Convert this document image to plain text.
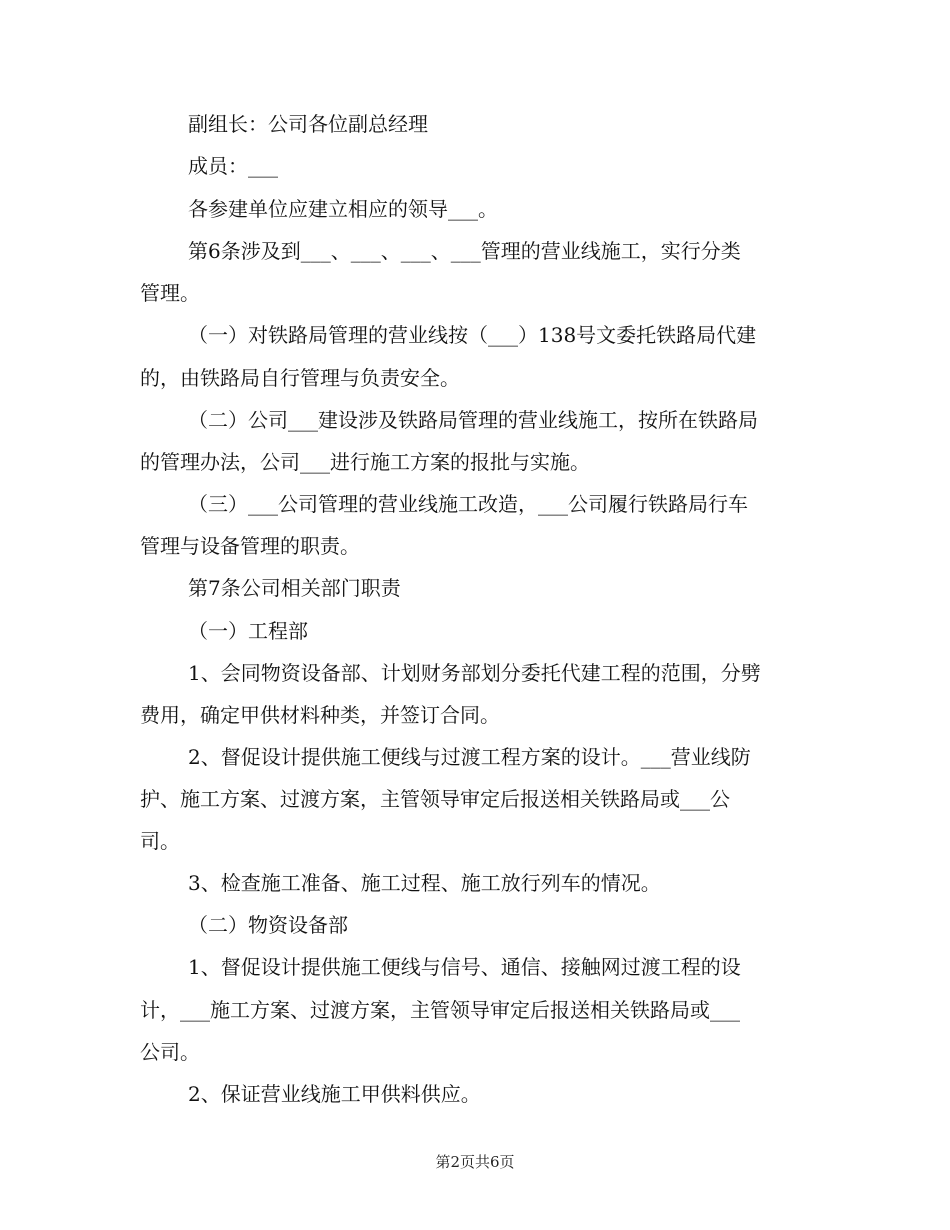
副组长：公司各位副总经理
成员：___
各参建单位应建立相应的领导___。
第6条涉及到___、___、___、___管理的营业线施工，实行分类
管理。
（一）对铁路局管理的营业线按（___）138号文委托铁路局代建
的，由铁路局自行管理与负责安全。
（二）公司___建设涉及铁路局管理的营业线施工，按所在铁路局
的管理办法，公司___进行施工方案的报批与实施。
（三）___公司管理的营业线施工改造，___公司履行铁路局行车
管理与设备管理的职责。
第7条公司相关部门职责
（一）工程部
1、会同物资设备部、计划财务部划分委托代建工程的范围，分劈
费用，确定甲供材料种类，并签订合同。
2、督促设计提供施工便线与过渡工程方案的设计。___营业线防
护、施工方案、过渡方案，主管领导审定后报送相关铁路局或___公
司。
3、检查施工准备、施工过程、施工放行列车的情况。
（二）物资设备部
1、督促设计提供施工便线与信号、通信、接触网过渡工程的设
计，___施工方案、过渡方案，主管领导审定后报送相关铁路局或___
公司。
2、保证营业线施工甲供料供应。
第2页共6页
